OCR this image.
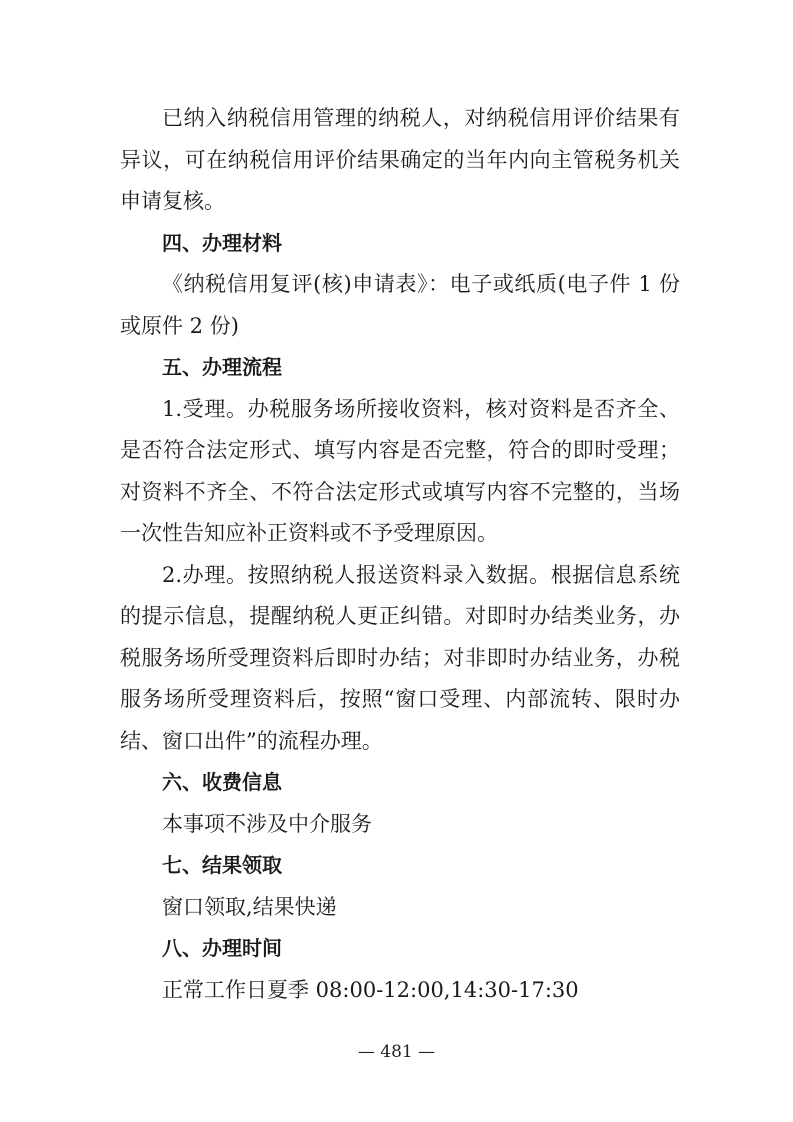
已纳入纳税信用管理的纳税人，对纳税信用评价结果有异议，可在纳税信用评价结果确定的当年内向主管税务机关申请复核。

四、办理材料

《纳税信用复评(核)申请表》：电子或纸质(电子件 1 份或原件 2 份)

五、办理流程

1.受理。办税服务场所接收资料，核对资料是否齐全、是否符合法定形式、填写内容是否完整，符合的即时受理；对资料不齐全、不符合法定形式或填写内容不完整的，当场一次性告知应补正资料或不予受理原因。

2.办理。按照纳税人报送资料录入数据。根据信息系统的提示信息，提醒纳税人更正纠错。对即时办结类业务，办税服务场所受理资料后即时办结；对非即时办结业务，办税服务场所受理资料后，按照“窗口受理、内部流转、限时办结、窗口出件”的流程办理。

六、收费信息

本事项不涉及中介服务

七、结果领取

窗口领取,结果快递

八、办理时间

正常工作日夏季 08:00-12:00,14:30-17:30

— 481 —
